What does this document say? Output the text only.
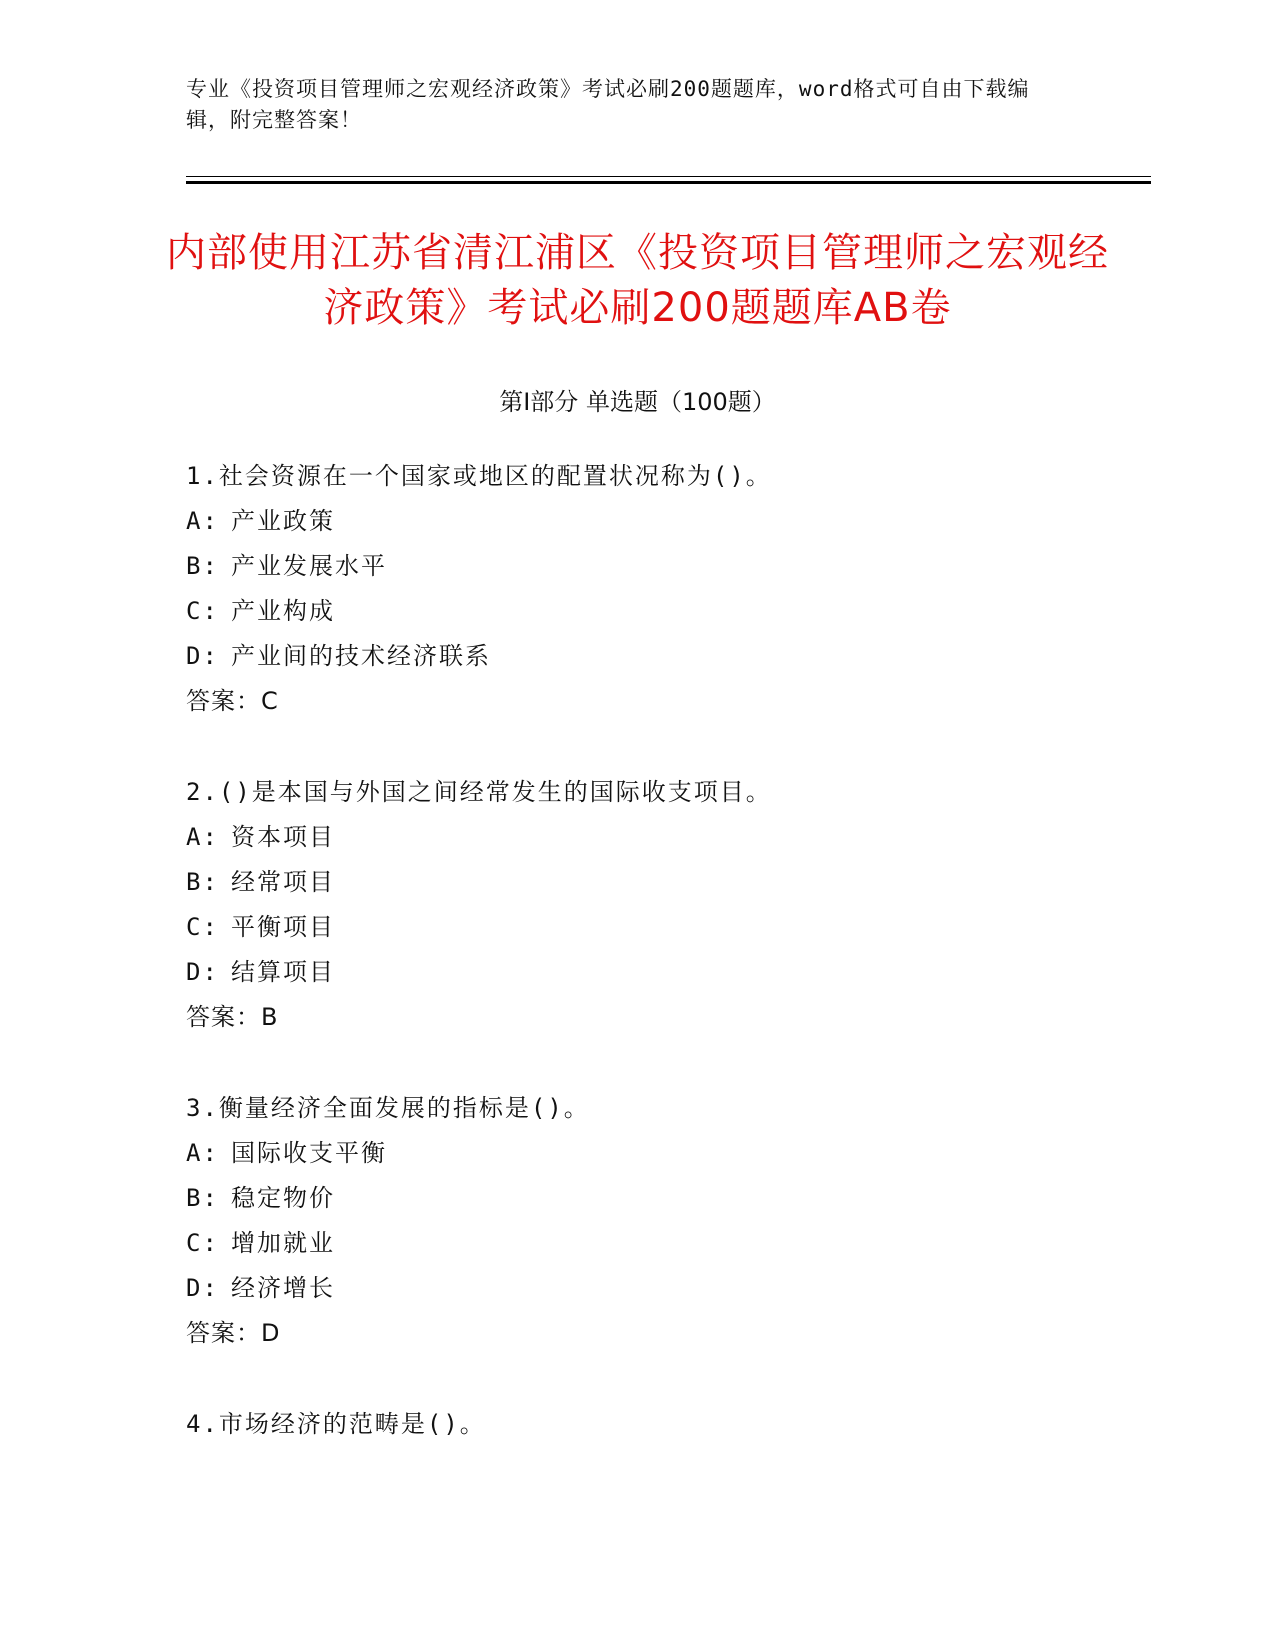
专业《投资项目管理师之宏观经济政策》考试必刷200题题库，word格式可自由下载编辑，附完整答案！
内部使用江苏省清江浦区《投资项目管理师之宏观经济政策》考试必刷200题题库AB卷
第Ⅰ部分 单选题（100题）
1.社会资源在一个国家或地区的配置状况称为()。
A: 产业政策
B: 产业发展水平
C: 产业构成
D: 产业间的技术经济联系
答案：C
2.()是本国与外国之间经常发生的国际收支项目。
A: 资本项目
B: 经常项目
C: 平衡项目
D: 结算项目
答案：B
3.衡量经济全面发展的指标是()。
A: 国际收支平衡
B: 稳定物价
C: 增加就业
D: 经济增长
答案：D
4.市场经济的范畴是()。
